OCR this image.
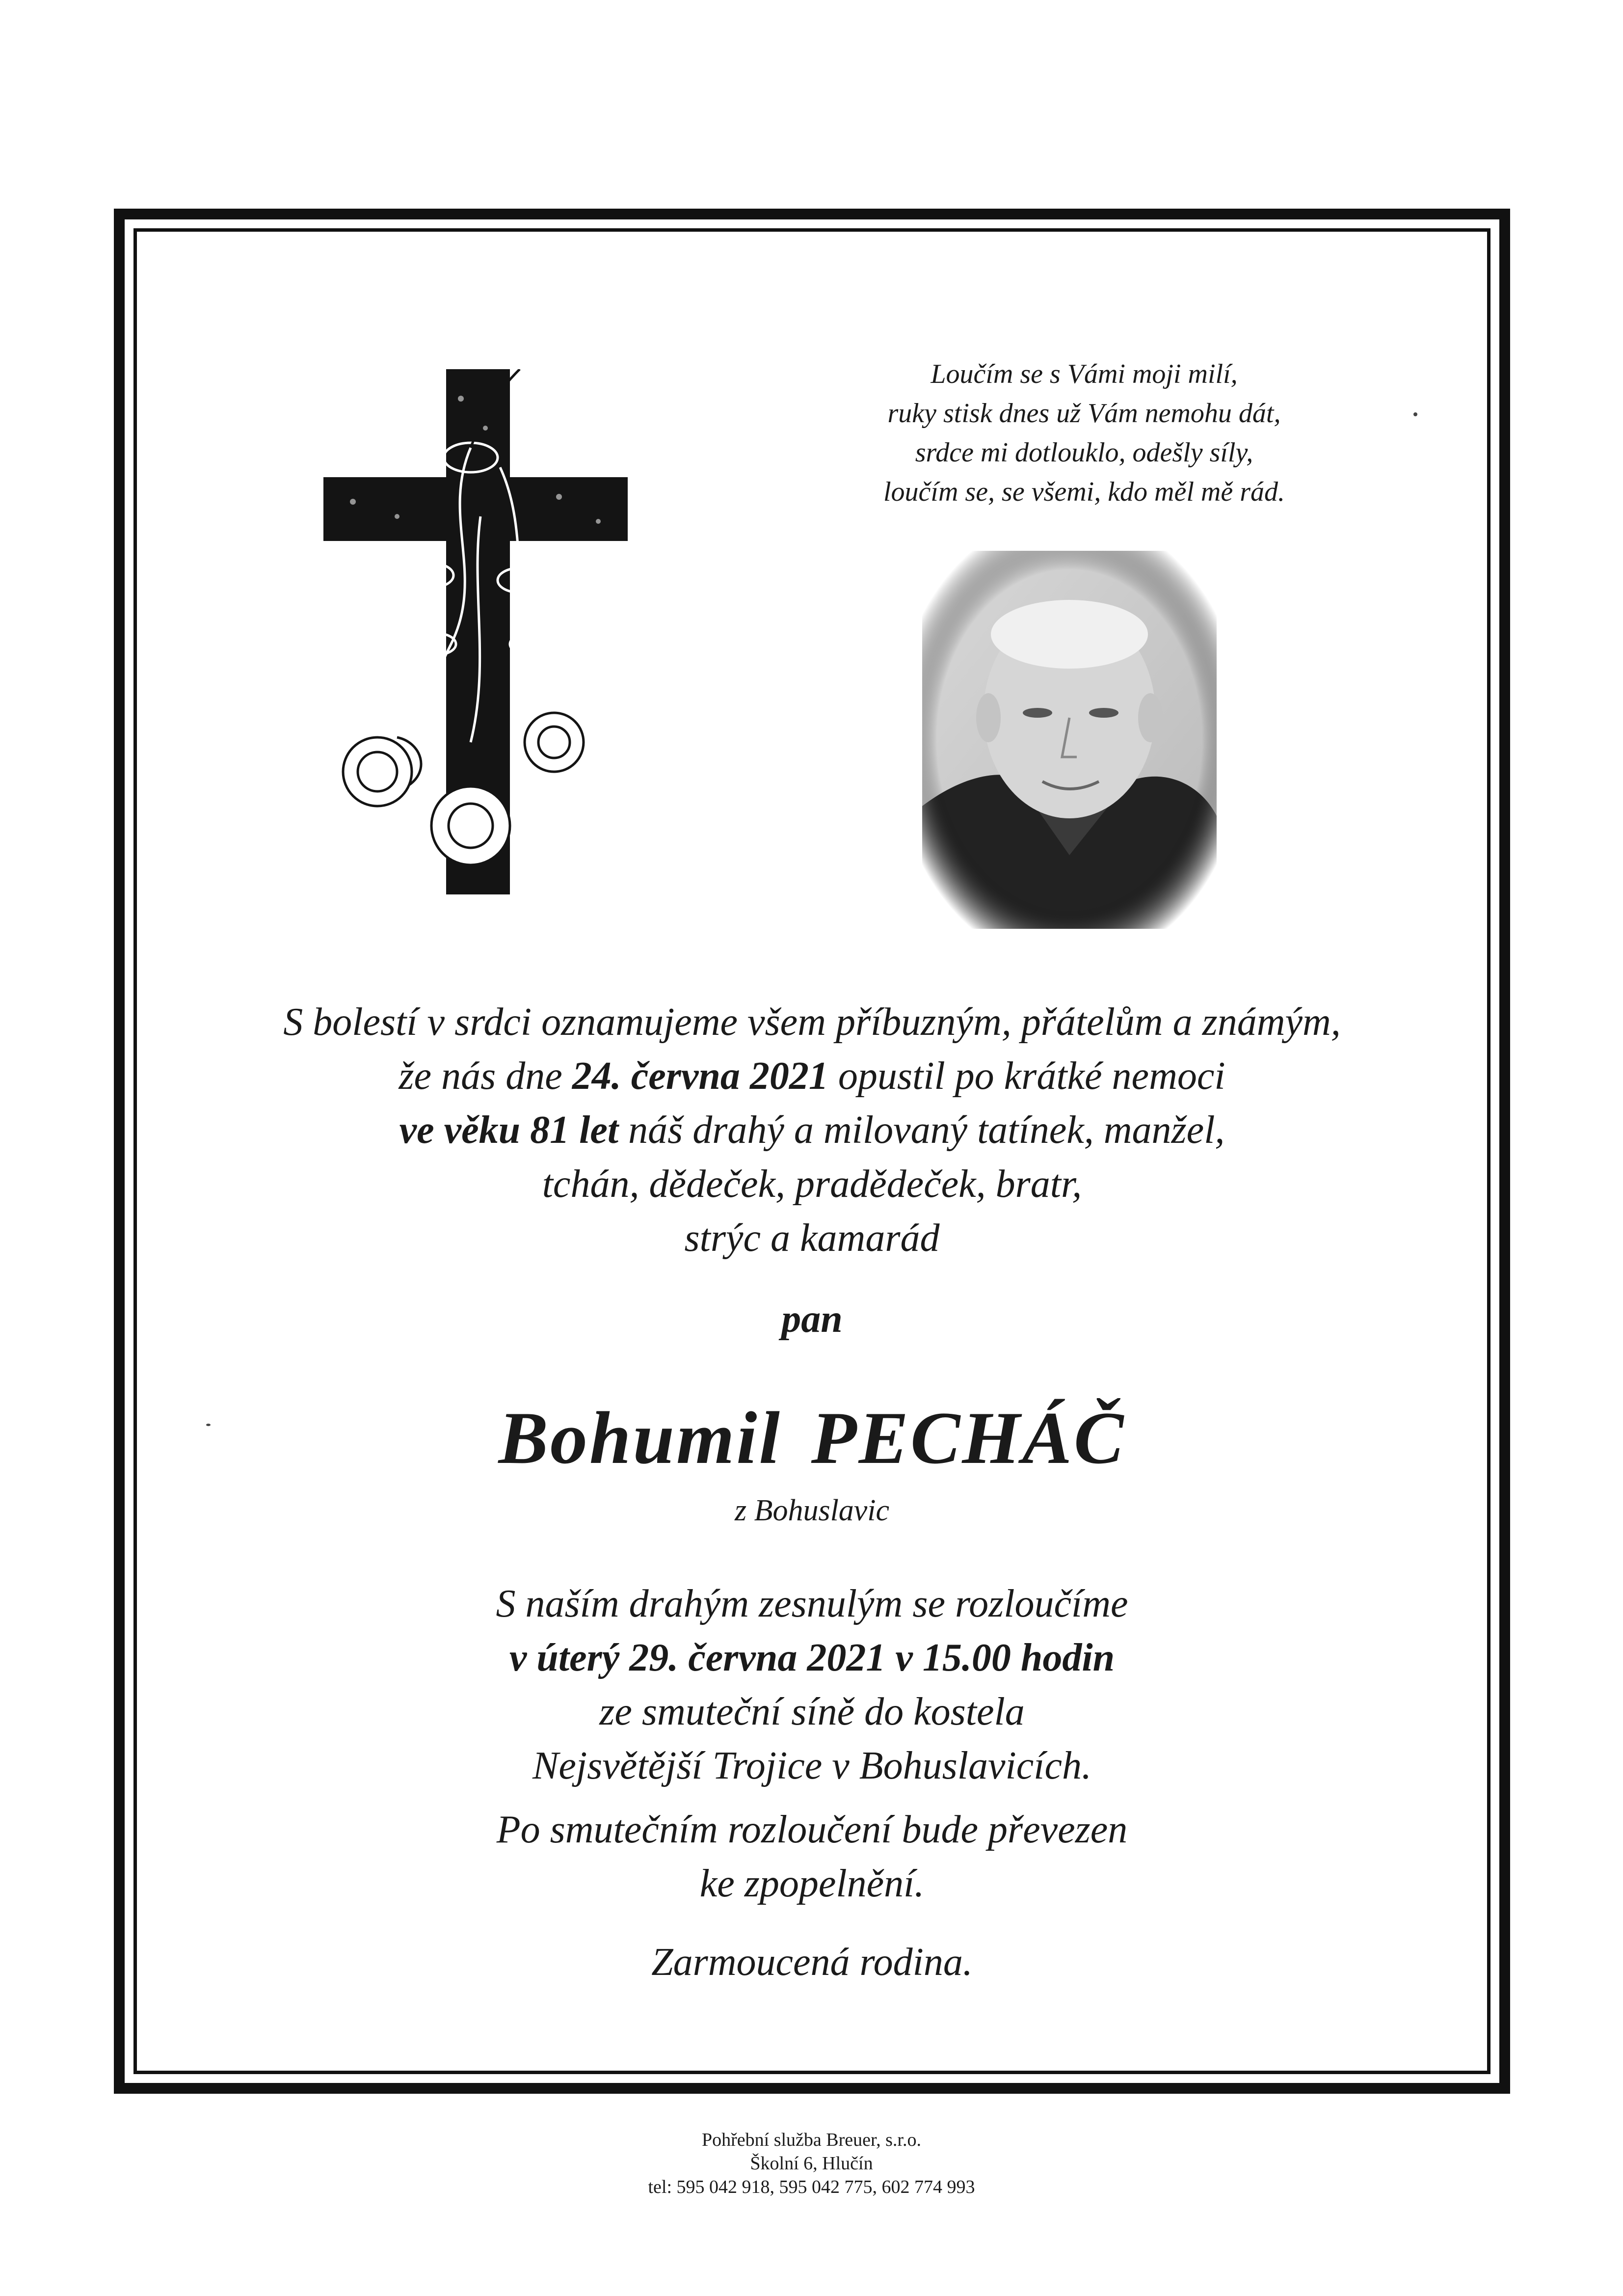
Loučím se s Vámi moji milí,
ruky stisk dnes už Vám nemohu dát,
srdce mi dotlouklo, odešly síly,
loučím se, se všemi, kdo měl mě rád.
S bolestí v srdci oznamujeme všem příbuzným, přátelům a známým,
že nás dne 24. června 2021 opustil po krátké nemoci
ve věku 81 let náš drahý a milovaný tatínek, manžel,
tchán, dědeček, pradědeček, bratr,
strýc a kamarád
pan
Bohumil PECHÁČ
z Bohuslavic
S naším drahým zesnulým se rozloučíme
v úterý 29. června 2021 v 15.00 hodin
ze smuteční síně do kostela
Nejsvětější Trojice v Bohuslavicích.
Po smutečním rozloučení bude převezen
ke zpopelnění.
Zarmoucená rodina.
Pohřební služba Breuer, s.r.o.
Školní 6, Hlučín
tel: 595 042 918, 595 042 775, 602 774 993
